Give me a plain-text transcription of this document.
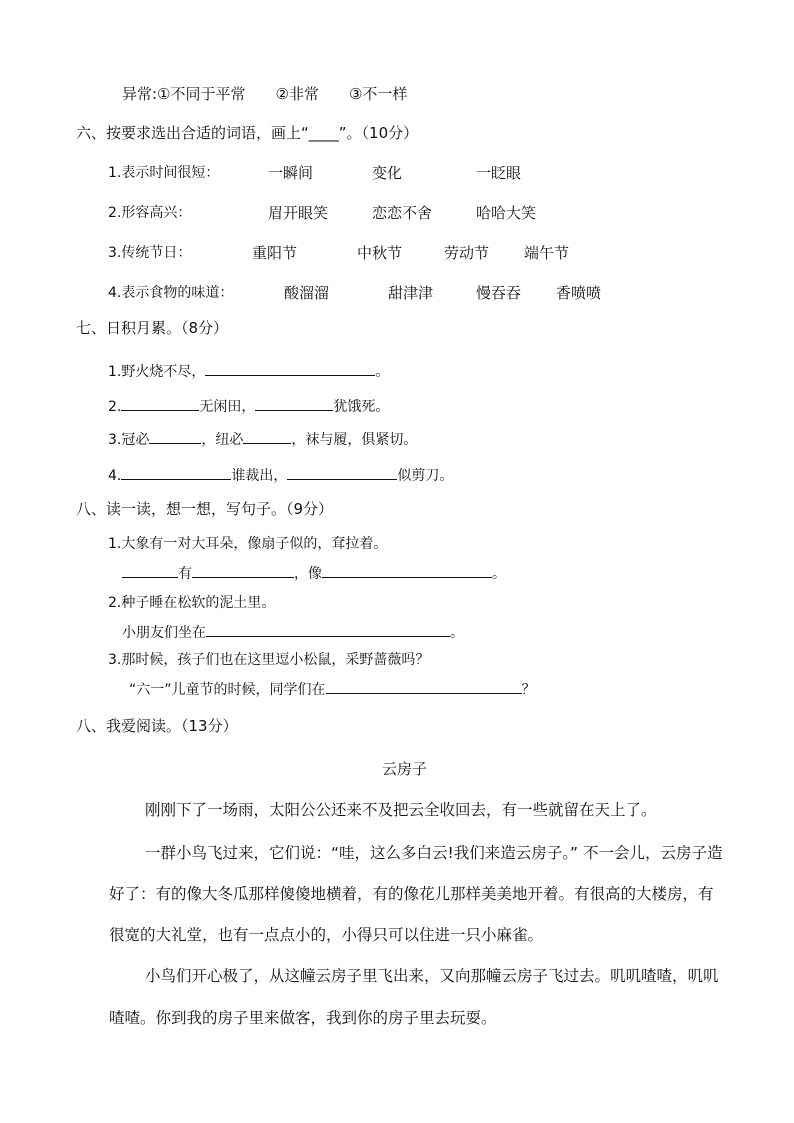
异常:①不同于平常　　②非常　　③不一样
六、按要求选出合适的词语，画上“____”。（10分）
1.表示时间很短：	一瞬间	变化	一眨眼
2.形容高兴：	眉开眼笑	恋恋不舍	哈哈大笑
3.传统节日：	重阳节	中秋节	劳动节 端午节
4.表示食物的味道：	酸溜溜	甜津津	慢吞吞 香喷喷
七、日积月累。（8分）
1.野火烧不尽，	。
2.	无闲田，	犹饿死。
3.冠必	，纽必	，袜与履，俱紧切。
4.	谁裁出，	似剪刀。
八、读一读，想一想，写句子。（9分）
1.大象有一对大耳朵，像扇子似的，耷拉着。
有	，像	。
2.种子睡在松软的泥土里。
小朋友们坐在	。
3.那时候，孩子们也在这里逗小松鼠，采野蔷薇吗？
“六一”儿童节的时候，同学们在	？
八、我爱阅读。（13分）
云房子
刚刚下了一场雨，太阳公公还来不及把云全收回去，有一些就留在天上了。
一群小鸟飞过来，它们说：“哇，这么多白云!我们来造云房子。” 不一会儿，云房子造
好了：有的像大冬瓜那样傻傻地横着，有的像花儿那样美美地开着。有很高的大楼房，有
很宽的大礼堂，也有一点点小的，小得只可以住进一只小麻雀。
小鸟们开心极了，从这幢云房子里飞出来，又向那幢云房子飞过去。叽叽喳喳，叽叽
喳喳。你到我的房子里来做客，我到你的房子里去玩耍。
